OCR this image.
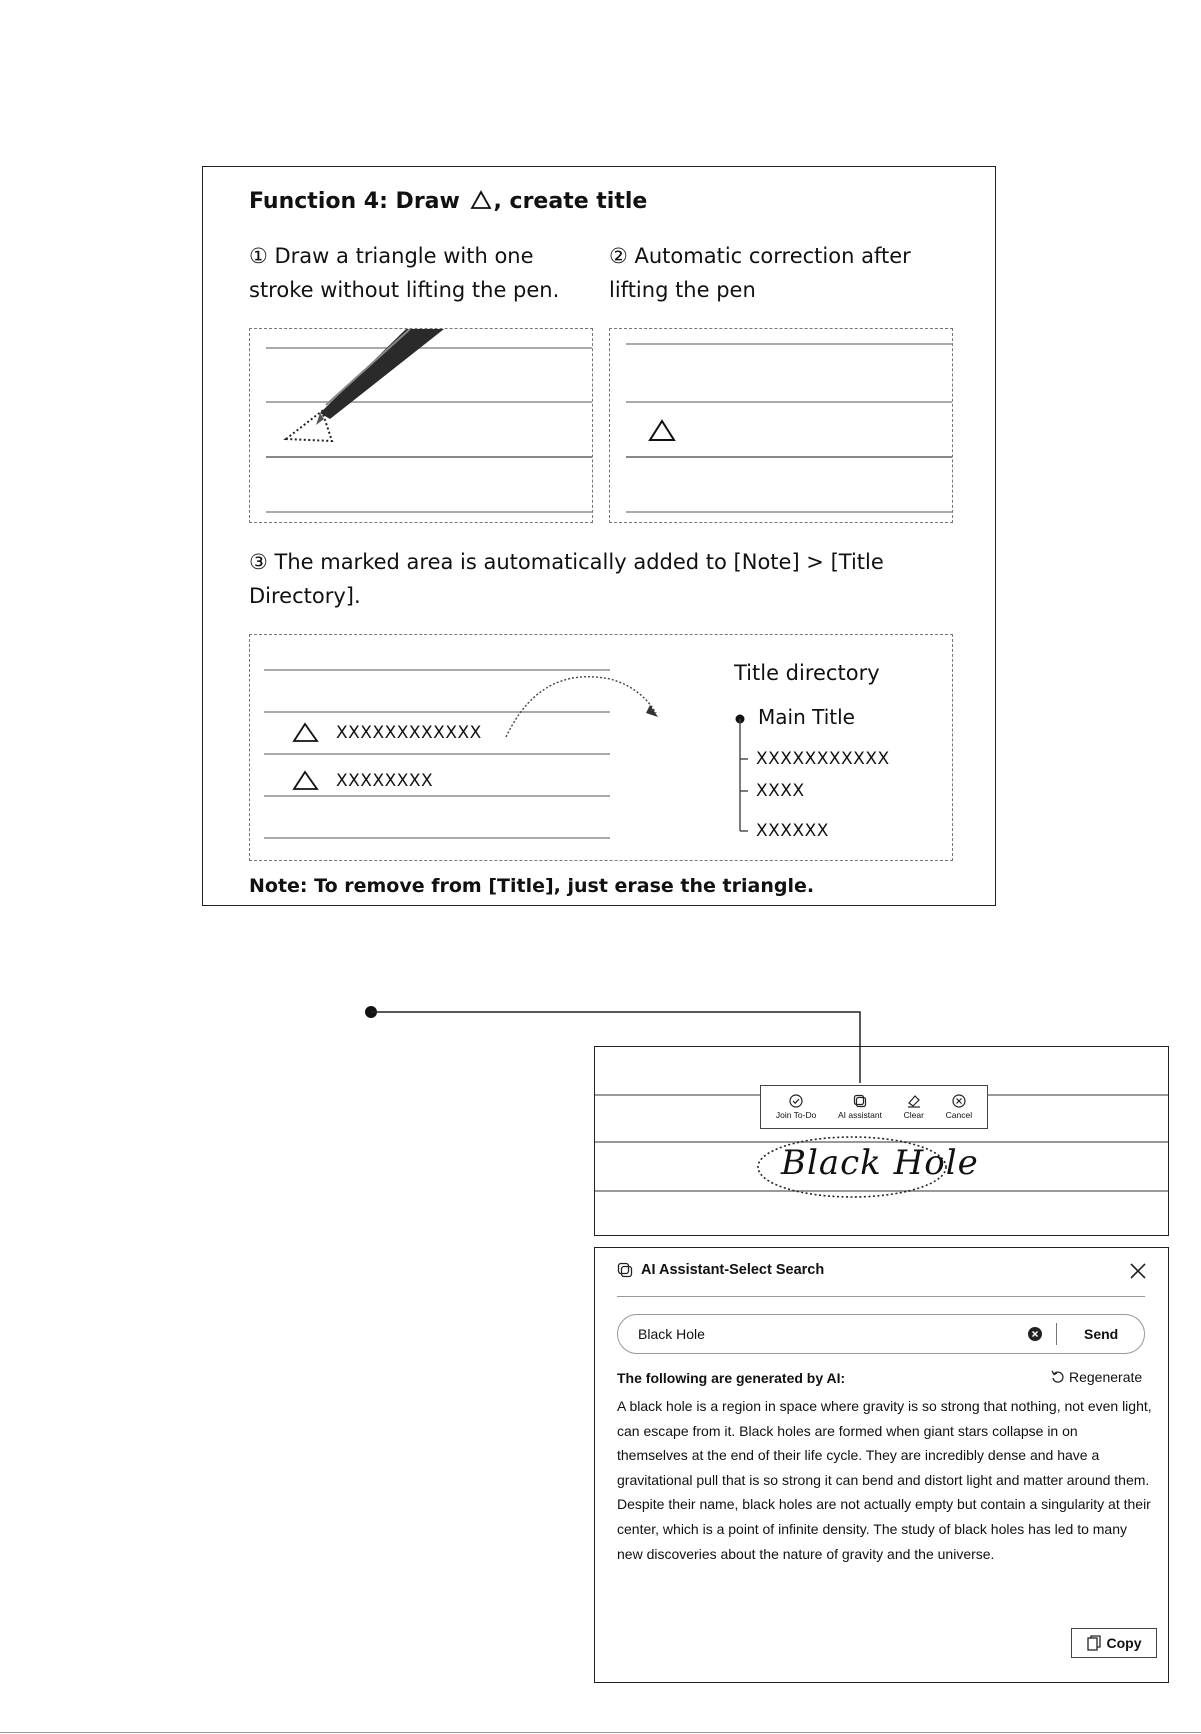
Function 4: Draw , create title
① Draw a triangle with one stroke without lifting the pen.
② Automatic correction after lifting the pen
③ The marked area is automatically added to [Note] > [Title Directory].
XXXXXXXXXXXX
XXXXXXXX
Title directory
Main Title
XXXXXXXXXXX
XXXX
XXXXXX
Note: To remove from [Title], just erase the triangle.
Join To-Do	AI assistant	Clear	Cancel
Black Hole
AI Assistant-Select Search
Black Hole	Send
The following are generated by AI:	Regenerate
A black hole is a region in space where gravity is so strong that nothing, not even light, can escape from it. Black holes are formed when giant stars collapse in on themselves at the end of their life cycle. They are incredibly dense and have a gravitational pull that is so strong it can bend and distort light and matter around them. Despite their name, black holes are not actually empty but contain a singularity at their center, which is a point of infinite density. The study of black holes has led to many new discoveries about the nature of gravity and the universe.
Copy
